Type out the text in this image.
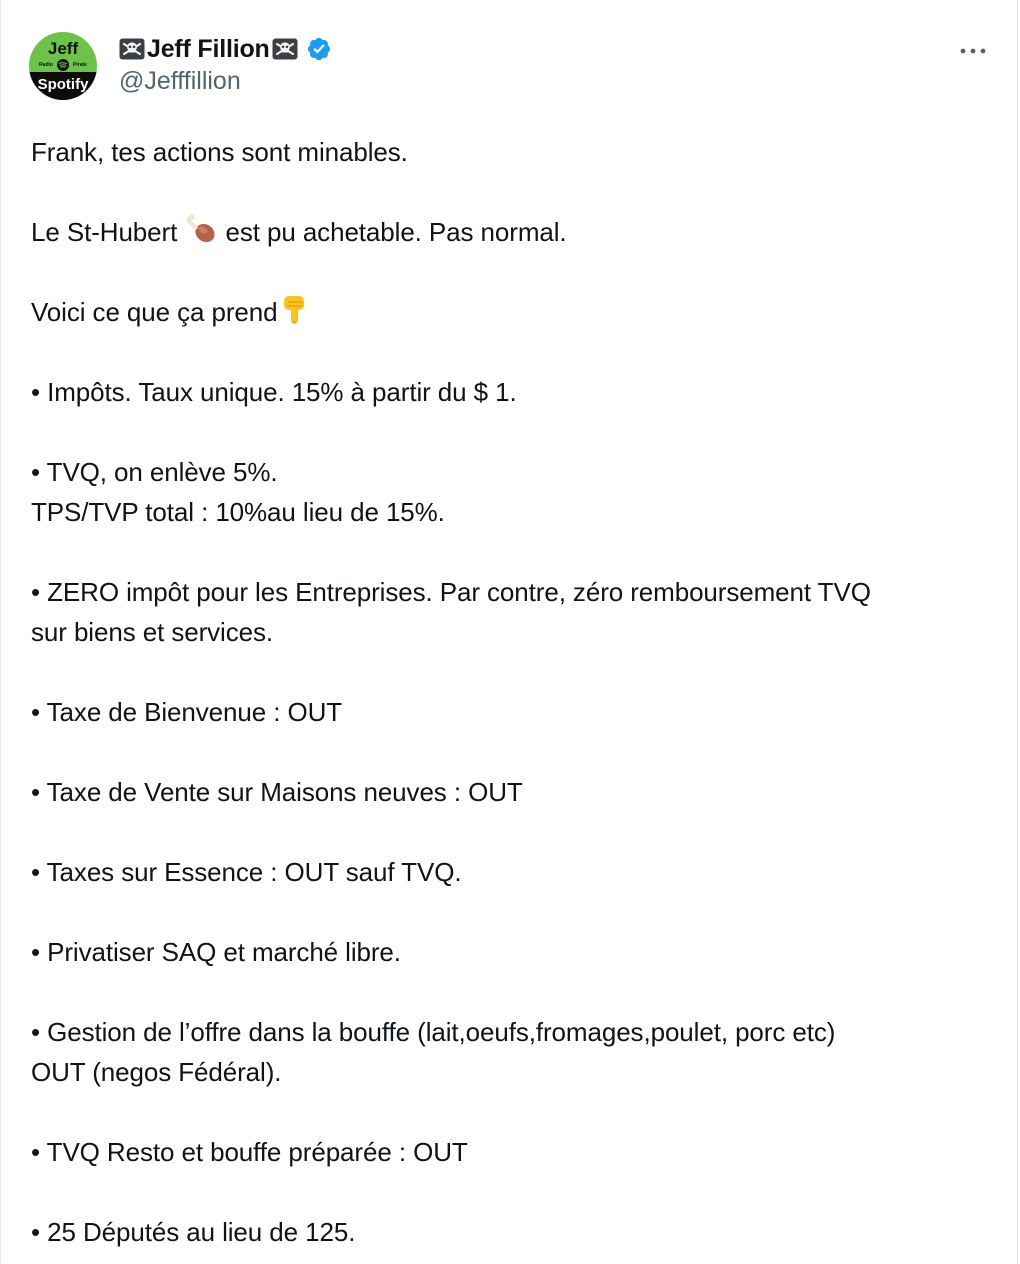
Jeff
Radio	Pirate
Spotify
Jeff Fillion
@Jefffillion
Frank, tes actions sont minables.
Le St-Hubert  est pu achetable. Pas normal.
Voici ce que ça prend
• Impôts. Taux unique. 15% à partir du $ 1.
• TVQ, on enlève 5%.
TPS/TVP total : 10%au lieu de 15%.
• ZERO impôt pour les Entreprises. Par contre, zéro remboursement TVQ
sur biens et services.
• Taxe de Bienvenue : OUT
• Taxe de Vente sur Maisons neuves : OUT
• Taxes sur Essence : OUT sauf TVQ.
• Privatiser SAQ et marché libre.
• Gestion de l’offre dans la bouffe (lait,oeufs,fromages,poulet, porc etc)
OUT (negos Fédéral).
• TVQ Resto et bouffe préparée : OUT
• 25 Députés au lieu de 125.
